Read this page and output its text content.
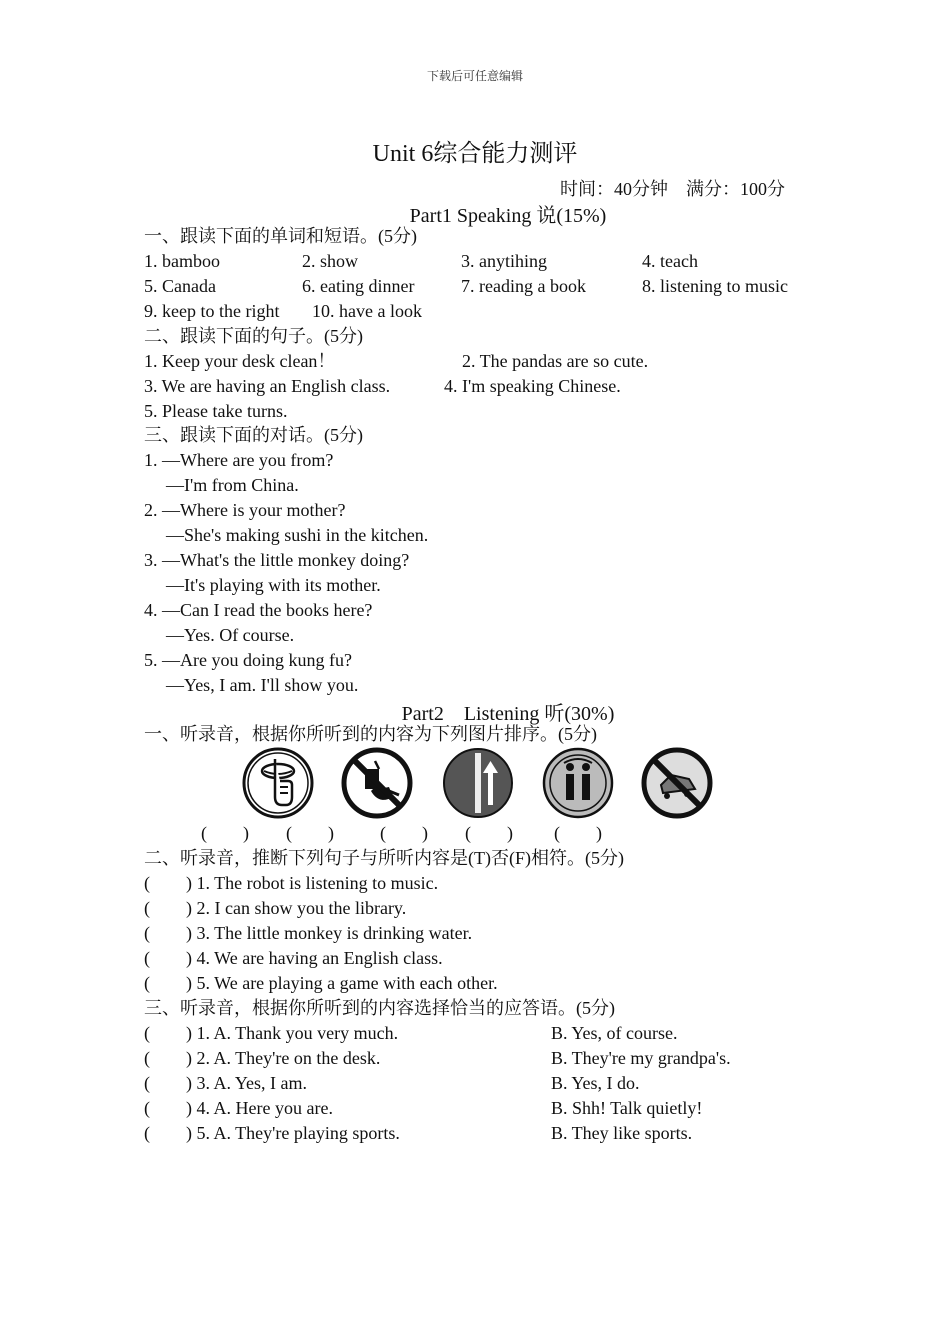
下载后可任意编辑
Unit 6综合能力测评
时间：40分钟    满分：100分
Part1 Speaking 说(15%)
一、跟读下面的单词和短语。(5分)
1. bamboo	2. show	3. anytihing	4. teach
5. Canada	6. eating dinner	7. reading a book	8. listening to music
9. keep to the right 10. have a look
二、跟读下面的句子。(5分)
1. Keep your desk clean！	2. The pandas are so cute.
3. We are having an English class.	4. I'm speaking Chinese.
5. Please take turns.
三、跟读下面的对话。(5分)
1. —Where are you from?
—I'm from China.
2. —Where is your mother?
—She's making sushi in the kitchen.
3. —What's the little monkey doing?
—It's playing with its mother.
4. —Can I read the books here?
—Yes. Of course.
5. —Are you doing kung fu?
—Yes, I am. I'll show you.
Part2    Listening 听(30%)
一、听录音，根据你所听到的内容为下列图片排序。(5分)
(        ) (        )	(        ) (        ) (        )
二、听录音，推断下列句子与所听内容是(T)否(F)相符。(5分)
(        ) 1. The robot is listening to music.
(        ) 2. I can show you the library.
(        ) 3. The little monkey is drinking water.
(        ) 4. We are having an English class.
(        ) 5. We are playing a game with each other.
三、听录音，根据你所听到的内容选择恰当的应答语。(5分)
(        ) 1. A. Thank you very much.	B. Yes, of course.
(        ) 2. A. They're on the desk.	B. They're my grandpa's.
(        ) 3. A. Yes, I am.	B. Yes, I do.
(        ) 4. A. Here you are.	B. Shh! Talk quietly!
(        ) 5. A. They're playing sports.	B. They like sports.
